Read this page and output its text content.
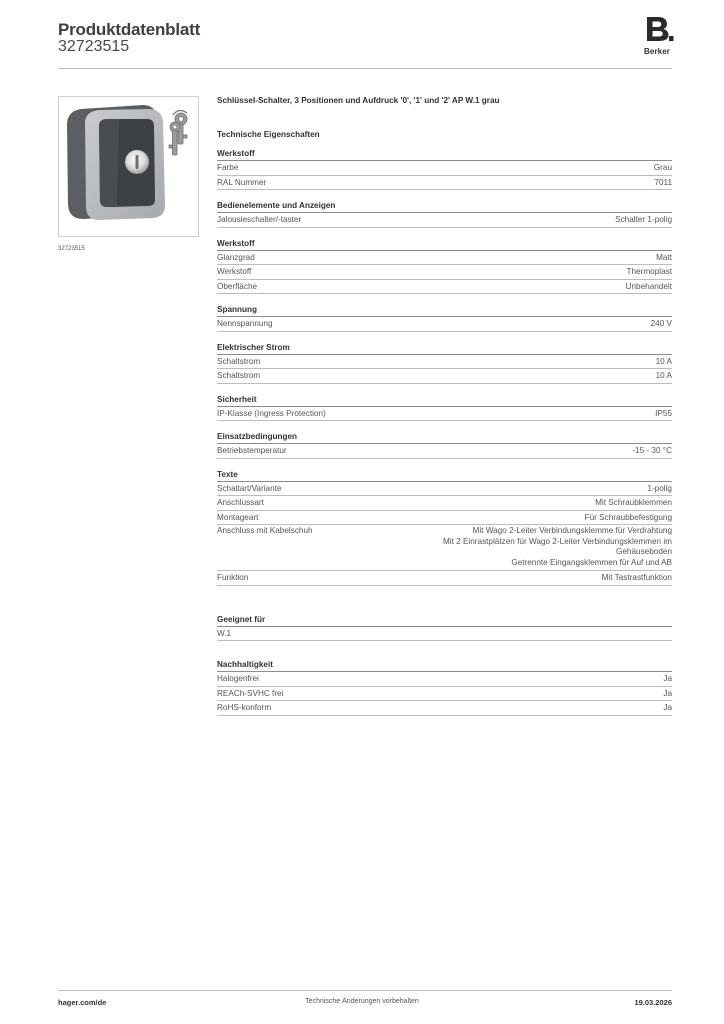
Produktdatenblatt
32723515	Berker
32723515
Schlüssel-Schalter, 3 Positionen und Aufdruck '0', '1' und '2' AP W.1 grau
Technische Eigenschaften
Werkstoff
Farbe	Grau
RAL Nummer	7011
Bedienelemente und Anzeigen
Jalousieschalter/-taster	Schalter 1-polig
Werkstoff
Glanzgrad	Matt
Werkstoff	Thermoplast
Oberfläche	Unbehandelt
Spannung
Nennspannung	240 V
Elektrischer Strom
Schaltstrom	10 A
Schaltstrom	10 A
Sicherheit
IP-Klasse (Ingress Protection)	IP55
Einsatzbedingungen
Betriebstemperatur	-15 - 30 °C
Texte
Schaltart/Variante	1-polig
Anschlussart	Mit Schraubklemmen
Montageart	Für Schraubbefestigung
Anschluss mit Kabelschuh	Mit Wago 2-Leiter Verbindungsklemme für Verdrahtung
Mit 2 Einrastplätzen für Wago 2-Leiter Verbindungsklemmen im
Gehäuseboden
Getrennte Eingangsklemmen für Auf und AB
Funktion	Mit Tastrastfunktion
Geeignet für
W.1
Nachhaltigkeit
Halogenfrei	Ja
REACh-SVHC frei	Ja
RoHS-konform	Ja
hager.com/de	Technische Änderungen vorbehalten	19.03.2026
